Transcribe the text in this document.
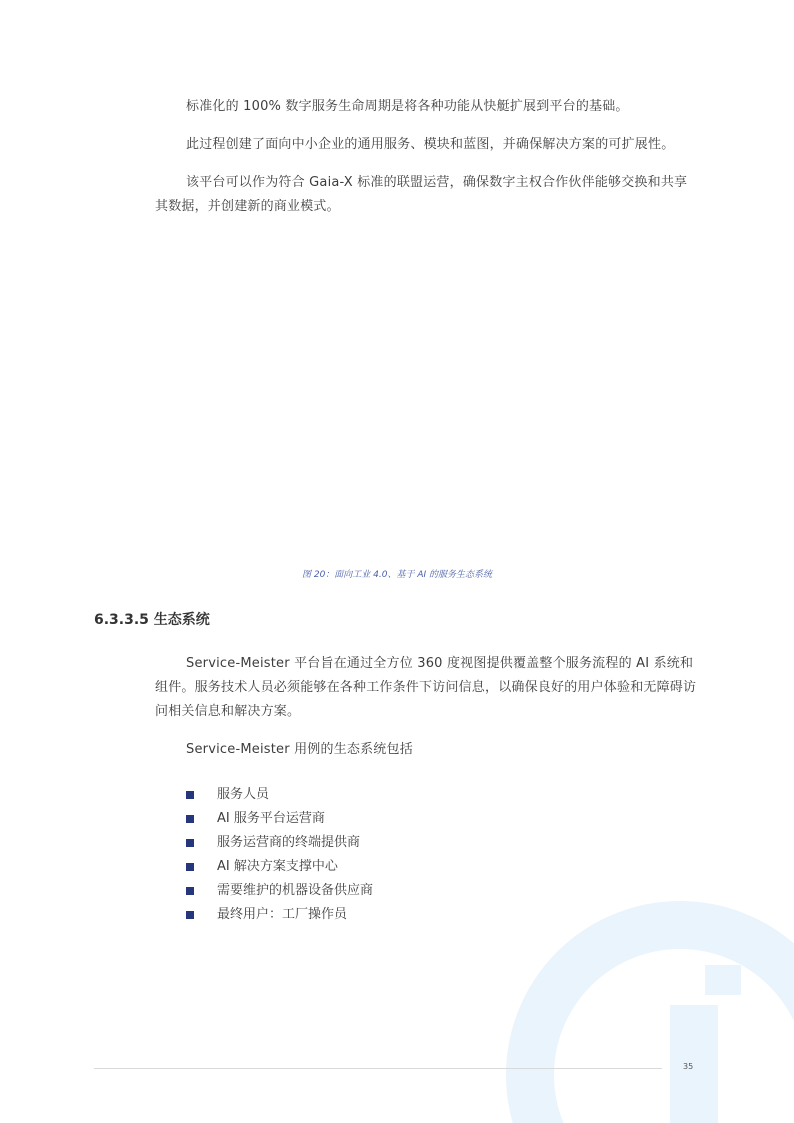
标准化的 100% 数字服务生命周期是将各种功能从快艇扩展到平台的基础。

此过程创建了面向中小企业的通用服务、模块和蓝图，并确保解决方案的可扩展性。

该平台可以作为符合 Gaia-X 标准的联盟运营，确保数字主权合作伙伴能够交换和共享其数据，并创建新的商业模式。

图 20：面向工业 4.0、基于 AI 的服务生态系统
6.3.3.5 生态系统

Service-Meister 平台旨在通过全方位 360 度视图提供覆盖整个服务流程的 AI 系统和组件。服务技术人员必须能够在各种工作条件下访问信息，以确保良好的用户体验和无障碍访问相关信息和解决方案。

Service-Meister 用例的生态系统包括

服务人员
AI 服务平台运营商
服务运营商的终端提供商
AI 解决方案支撑中心
需要维护的机器设备供应商
最终用户：工厂操作员
35
